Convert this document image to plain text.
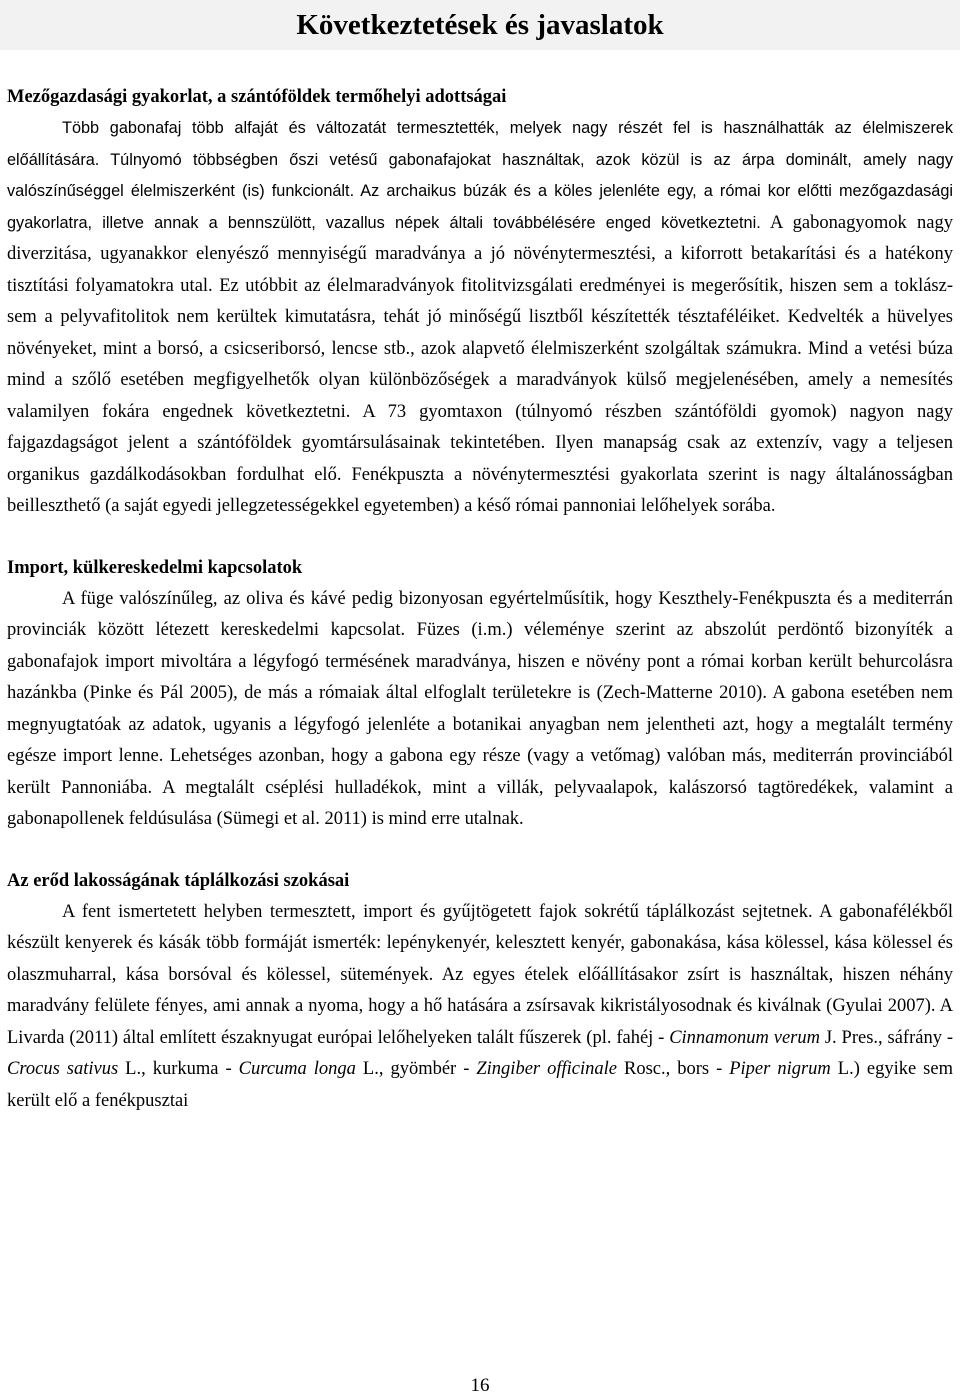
Következtetések és javaslatok
Mezőgazdasági gyakorlat, a szántóföldek termőhelyi adottságai

Több gabonafaj több alfaját és változatát termesztették, melyek nagy részét fel is használhatták az élelmiszerek előállítására. Túlnyomó többségben őszi vetésű gabonafajokat használtak, azok közül is az árpa dominált, amely nagy valószínűséggel élelmiszerként (is) funkcionált. Az archaikus búzák és a köles jelenléte egy, a római kor előtti mezőgazdasági gyakorlatra, illetve annak a bennszülött, vazallus népek általi továbbélésére enged következtetni. A gabonagyomok nagy diverzitása, ugyanakkor elenyésző mennyiségű maradványa a jó növénytermesztési, a kiforrott betakarítási és a hatékony tisztítási folyamatokra utal. Ez utóbbit az élelmaradványok fitolitvizsgálati eredményei is megerősítik, hiszen sem a toklász- sem a pelyvafitolitok nem kerültek kimutatásra, tehát jó minőségű lisztből készítették tésztaféléiket. Kedvelték a hüvelyes növényeket, mint a borsó, a csicseriborsó, lencse stb., azok alapvető élelmiszerként szolgáltak számukra. Mind a vetési búza mind a szőlő esetében megfigyelhetők olyan különbözőségek a maradványok külső megjelenésében, amely a nemesítés valamilyen fokára engednek következtetni. A 73 gyomtaxon (túlnyomó részben szántóföldi gyomok) nagyon nagy fajgazdagságot jelent a szántóföldek gyomtársulásainak tekintetében. Ilyen manapság csak az extenzív, vagy a teljesen organikus gazdálkodásokban fordulhat elő. Fenékpuszta a növénytermesztési gyakorlata szerint is nagy általánosságban beilleszthető (a saját egyedi jellegzetességekkel egyetemben) a késő római pannoniai lelőhelyek sorába.

Import, külkereskedelmi kapcsolatok

A füge valószínűleg, az oliva és kávé pedig bizonyosan egyértelműsítik, hogy Keszthely-Fenékpuszta és a mediterrán provinciák között létezett kereskedelmi kapcsolat. Füzes (i.m.) véleménye szerint az abszolút perdöntő bizonyíték a gabonafajok import mivoltára a légyfogó termésének maradványa, hiszen e növény pont a római korban került behurcolásra hazánkba (Pinke és Pál 2005), de más a rómaiak által elfoglalt területekre is (Zech-Matterne 2010). A gabona esetében nem megnyugtatóak az adatok, ugyanis a légyfogó jelenléte a botanikai anyagban nem jelentheti azt, hogy a megtalált termény egésze import lenne. Lehetséges azonban, hogy a gabona egy része (vagy a vetőmag) valóban más, mediterrán provinciából került Pannoniába. A megtalált cséplési hulladékok, mint a villák, pelyvaalapok, kalászorsó tagtöredékek, valamint a gabonapollenek feldúsulása (Sümegi et al. 2011) is mind erre utalnak.

Az erőd lakosságának táplálkozási szokásai

A fent ismertetett helyben termesztett, import és gyűjtögetett fajok sokrétű táplálkozást sejtetnek. A gabonafélékből készült kenyerek és kásák több formáját ismerték: lepénykenyér, kelesztett kenyér, gabonakása, kása kölessel, kása kölessel és olaszmuharral, kása borsóval és kölessel, sütemények. Az egyes ételek előállításakor zsírt is használtak, hiszen néhány maradvány felülete fényes, ami annak a nyoma, hogy a hő hatására a zsírsavak kikristályosodnak és kiválnak (Gyulai 2007). A Livarda (2011) által említett északnyugat európai lelőhelyeken talált fűszerek (pl. fahéj - Cinnamonum verum J. Pres., sáfrány - Crocus sativus L., kurkuma - Curcuma longa L., gyömbér - Zingiber officinale Rosc., bors - Piper nigrum L.) egyike sem került elő a fenékpusztai

16
